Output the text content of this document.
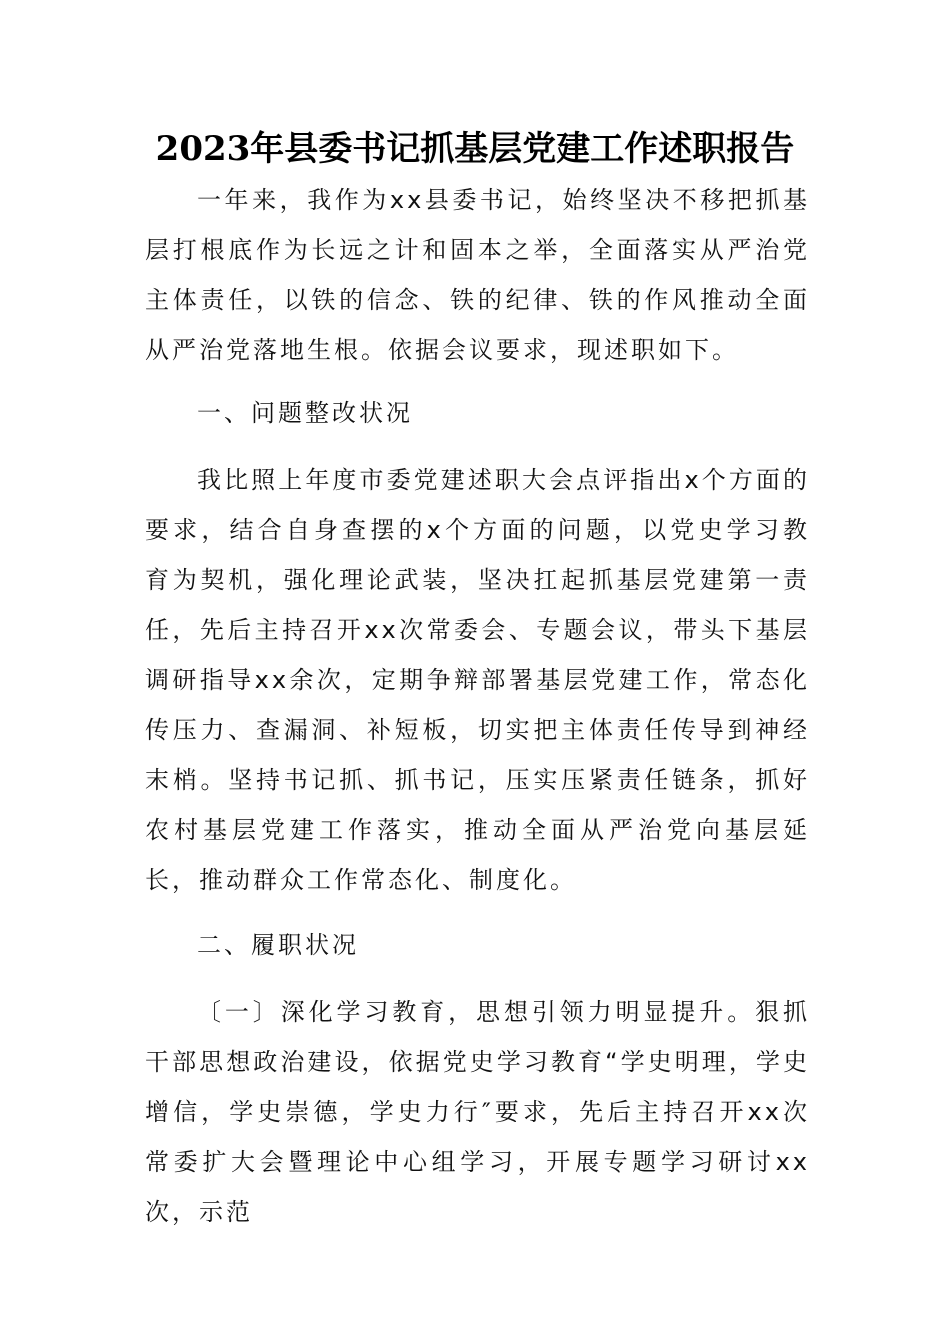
2023年县委书记抓基层党建工作述职报告

一年来，我作为xx县委书记，始终坚决不移把抓基层打根底作为长远之计和固本之举，全面落实从严治党主体责任，以铁的信念、铁的纪律、铁的作风推动全面从严治党落地生根。依据会议要求，现述职如下。

一、问题整改状况

我比照上年度市委党建述职大会点评指出x个方面的要求，结合自身查摆的x个方面的问题，以党史学习教育为契机，强化理论武装，坚决扛起抓基层党建第一责任，先后主持召开xx次常委会、专题会议，带头下基层调研指导xx余次，定期争辩部署基层党建工作，常态化传压力、查漏洞、补短板，切实把主体责任传导到神经末梢。坚持书记抓、抓书记，压实压紧责任链条，抓好农村基层党建工作落实，推动全面从严治党向基层延长，推动群众工作常态化、制度化。

二、履职状况

〔一〕深化学习教育，思想引领力明显提升。狠抓干部思想政治建设，依据党史学习教育“学史明理，学史增信，学史崇德，学史力行″要求，先后主持召开xx次常委扩大会暨理论中心组学习，开展专题学习研讨xx次，示范
